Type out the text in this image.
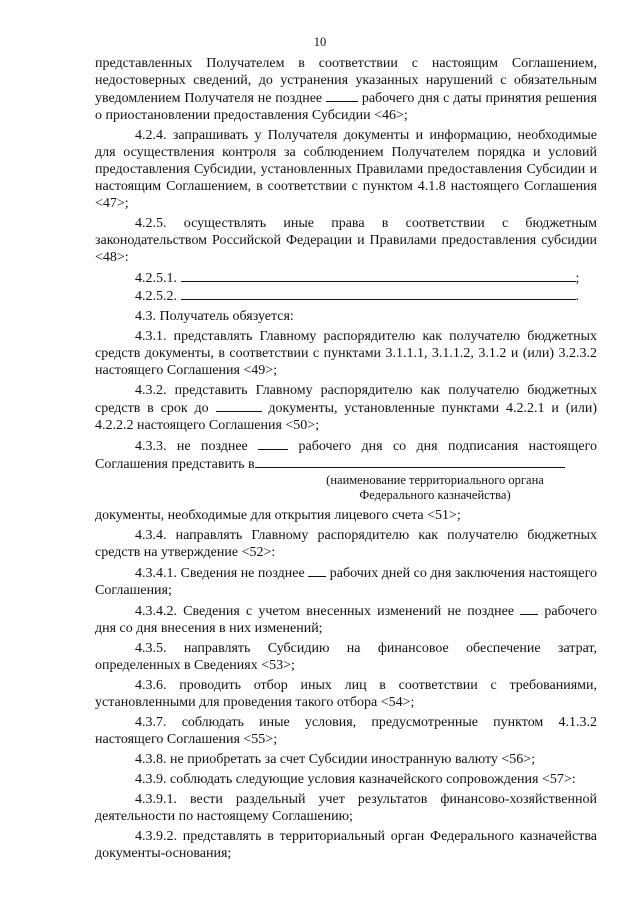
10

представленных Получателем в соответствии с настоящим Соглашением, недостоверных сведений, до устранения указанных нарушений с обязательным уведомлением Получателя не позднее	рабочего дня с даты принятия решения о приостановлении предоставления Субсидии <46>;

4.2.4. запрашивать у Получателя документы и информацию, необходимые для осуществления контроля за соблюдением Получателем порядка и условий предоставления Субсидии, установленных Правилами предоставления Субсидии и настоящим Соглашением, в соответствии с пунктом 4.1.8 настоящего Соглашения <47>;

4.2.5. осуществлять иные права в соответствии с бюджетным законодательством Российской Федерации и Правилами предоставления субсидии <48>:

4.2.5.1.	;

4.2.5.2.	.

4.3. Получатель обязуется:

4.3.1. представлять Главному распорядителю как получателю бюджетных средств документы, в соответствии с пунктами 3.1.1.1, 3.1.1.2, 3.1.2 и (или) 3.2.3.2 настоящего Соглашения <49>;

4.3.2. представить Главному распорядителю как получателю бюджетных средств в срок до	документы, установленные пунктами 4.2.2.1 и (или) 4.2.2.2 настоящего Соглашения <50>;

4.3.3. не позднее	рабочего дня со дня подписания настоящего Соглашения представить в

(наименование территориального органа Федерального казначейства)

документы, необходимые для открытия лицевого счета <51>;

4.3.4. направлять Главному распорядителю как получателю бюджетных средств на утверждение <52>:

4.3.4.1. Сведения не позднее рабочих дней со дня заключения настоящего Соглашения;

4.3.4.2. Сведения с учетом внесенных изменений не позднее рабочего дня со дня внесения в них изменений;

4.3.5. направлять Субсидию на финансовое обеспечение затрат, определенных в Сведениях <53>;

4.3.6. проводить отбор иных лиц в соответствии с требованиями, установленными для проведения такого отбора <54>;

4.3.7. соблюдать иные условия, предусмотренные пунктом 4.1.3.2 настоящего Соглашения <55>;

4.3.8. не приобретать за счет Субсидии иностранную валюту <56>;

4.3.9. соблюдать следующие условия казначейского сопровождения <57>:

4.3.9.1. вести раздельный учет результатов финансово-хозяйственной деятельности по настоящему Соглашению;

4.3.9.2. представлять в территориальный орган Федерального казначейства документы-основания;
